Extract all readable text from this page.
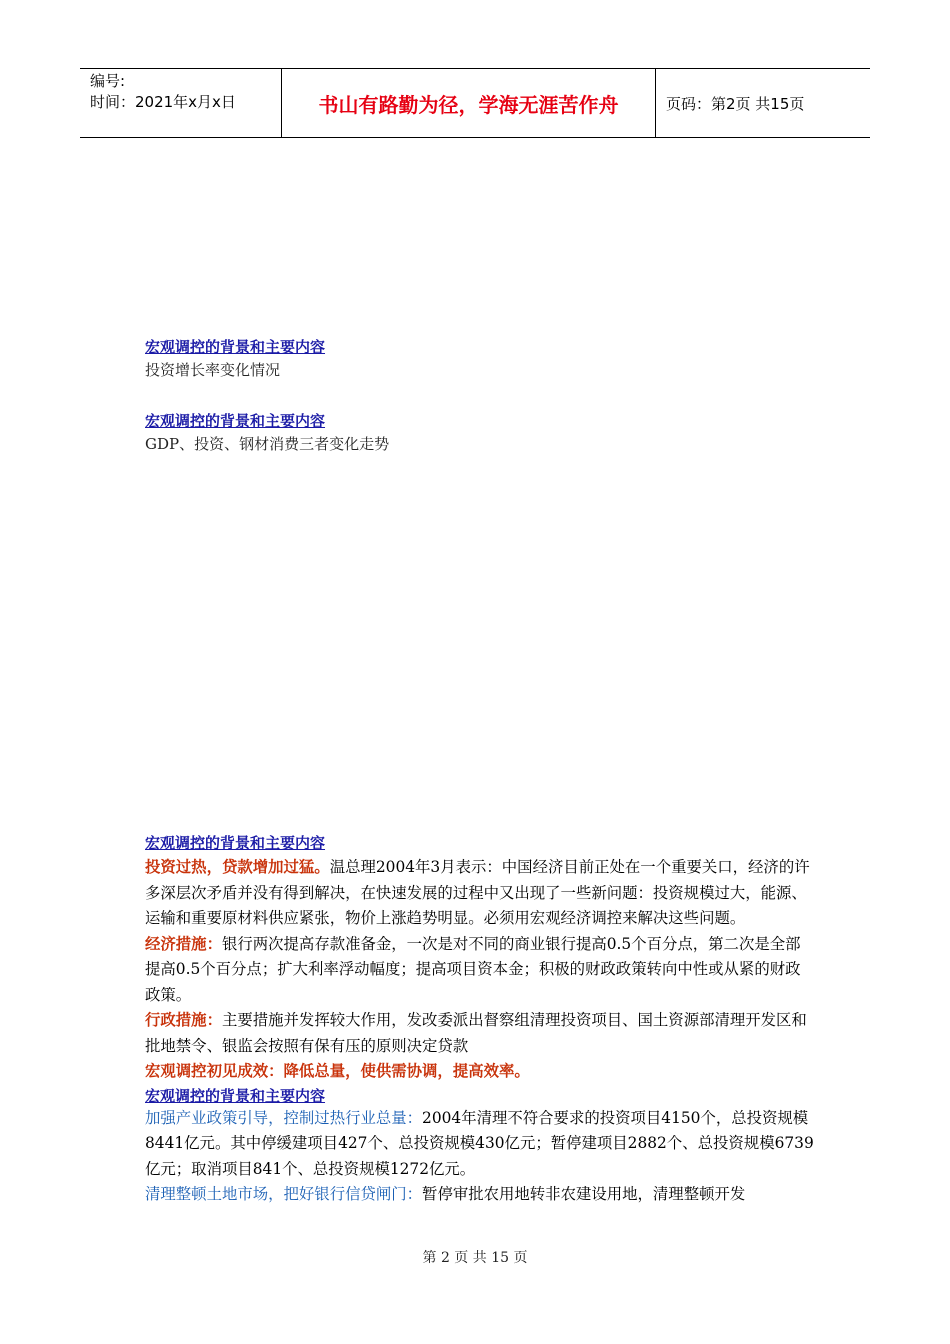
编号:
时间：2021年x月x日	书山有路勤为径，学海无涯苦作舟	页码：第2页 共15页
宏观调控的背景和主要内容
投资增长率变化情况
宏观调控的背景和主要内容
GDP、投资、钢材消费三者变化走势
宏观调控的背景和主要内容

投资过热，贷款增加过猛。温总理2004年3月表示：中国经济目前正处在一个重要关口，经济的许多深层次矛盾并没有得到解决，在快速发展的过程中又出现了一些新问题：投资规模过大，能源、运输和重要原材料供应紧张，物价上涨趋势明显。必须用宏观经济调控来解决这些问题。

经济措施：银行两次提高存款准备金，一次是对不同的商业银行提高0.5个百分点，第二次是全部提高0.5个百分点；扩大利率浮动幅度；提高项目资本金；积极的财政政策转向中性或从紧的财政政策。

行政措施：主要措施并发挥较大作用，发改委派出督察组清理投资项目、国土资源部清理开发区和批地禁令、银监会按照有保有压的原则决定贷款

宏观调控初见成效：降低总量，使供需协调，提高效率。

宏观调控的背景和主要内容

加强产业政策引导，控制过热行业总量：2004年清理不符合要求的投资项目4150个，总投资规模8441亿元。其中停缓建项目427个、总投资规模430亿元；暂停建项目2882个、总投资规模6739亿元；取消项目841个、总投资规模1272亿元。

清理整顿土地市场，把好银行信贷闸门：暂停审批农用地转非农建设用地，清理整顿开发

第 2 页 共 15 页
